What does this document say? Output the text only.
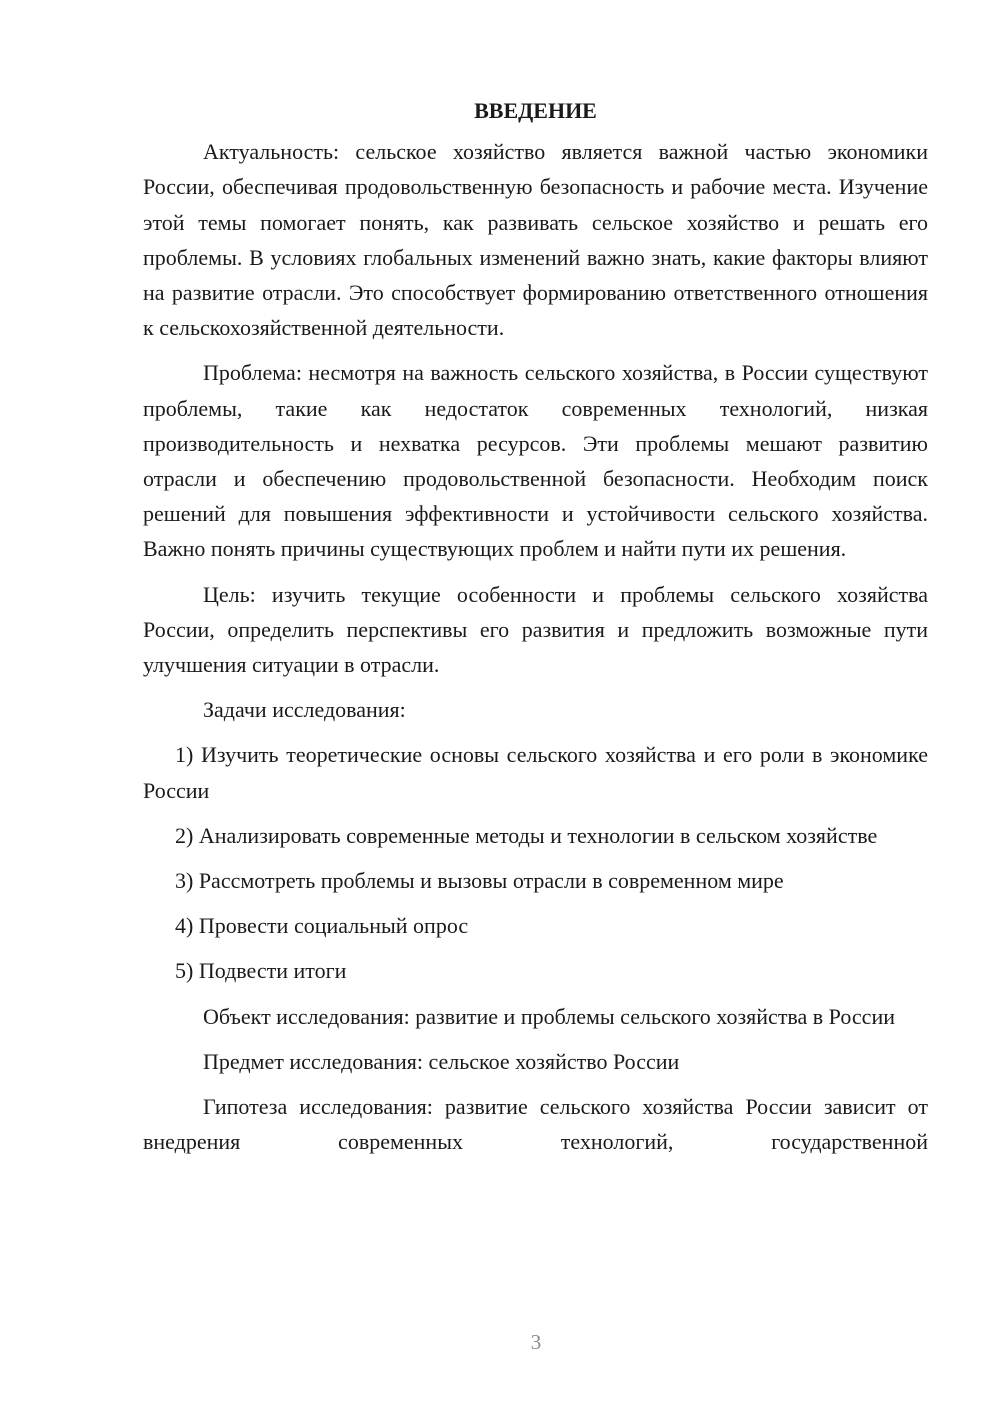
ВВЕДЕНИЕ

Актуальность: сельское хозяйство является важной частью экономики России, обеспечивая продовольственную безопасность и рабочие места. Изучение этой темы помогает понять, как развивать сельское хозяйство и решать его проблемы. В условиях глобальных изменений важно знать, какие факторы влияют на развитие отрасли. Это способствует формированию ответственного отношения к сельскохозяйственной деятельности.

Проблема: несмотря на важность сельского хозяйства, в России существуют проблемы, такие как недостаток современных технологий, низкая производительность и нехватка ресурсов. Эти проблемы мешают развитию отрасли и обеспечению продовольственной безопасности. Необходим поиск решений для повышения эффективности и устойчивости сельского хозяйства. Важно понять причины существующих проблем и найти пути их решения.

Цель: изучить текущие особенности и проблемы сельского хозяйства России, определить перспективы его развития и предложить возможные пути улучшения ситуации в отрасли.

Задачи исследования:

1) Изучить теоретические основы сельского хозяйства и его роли в экономике России

2) Анализировать современные методы и технологии в сельском хозяйстве

3) Рассмотреть проблемы и вызовы отрасли в современном мире

4) Провести социальный опрос

5) Подвести итоги

Объект исследования: развитие и проблемы сельского хозяйства в России

Предмет исследования: сельское хозяйство России

Гипотеза исследования: развитие сельского хозяйства России зависит от внедрения современных технологий, государственной

3
